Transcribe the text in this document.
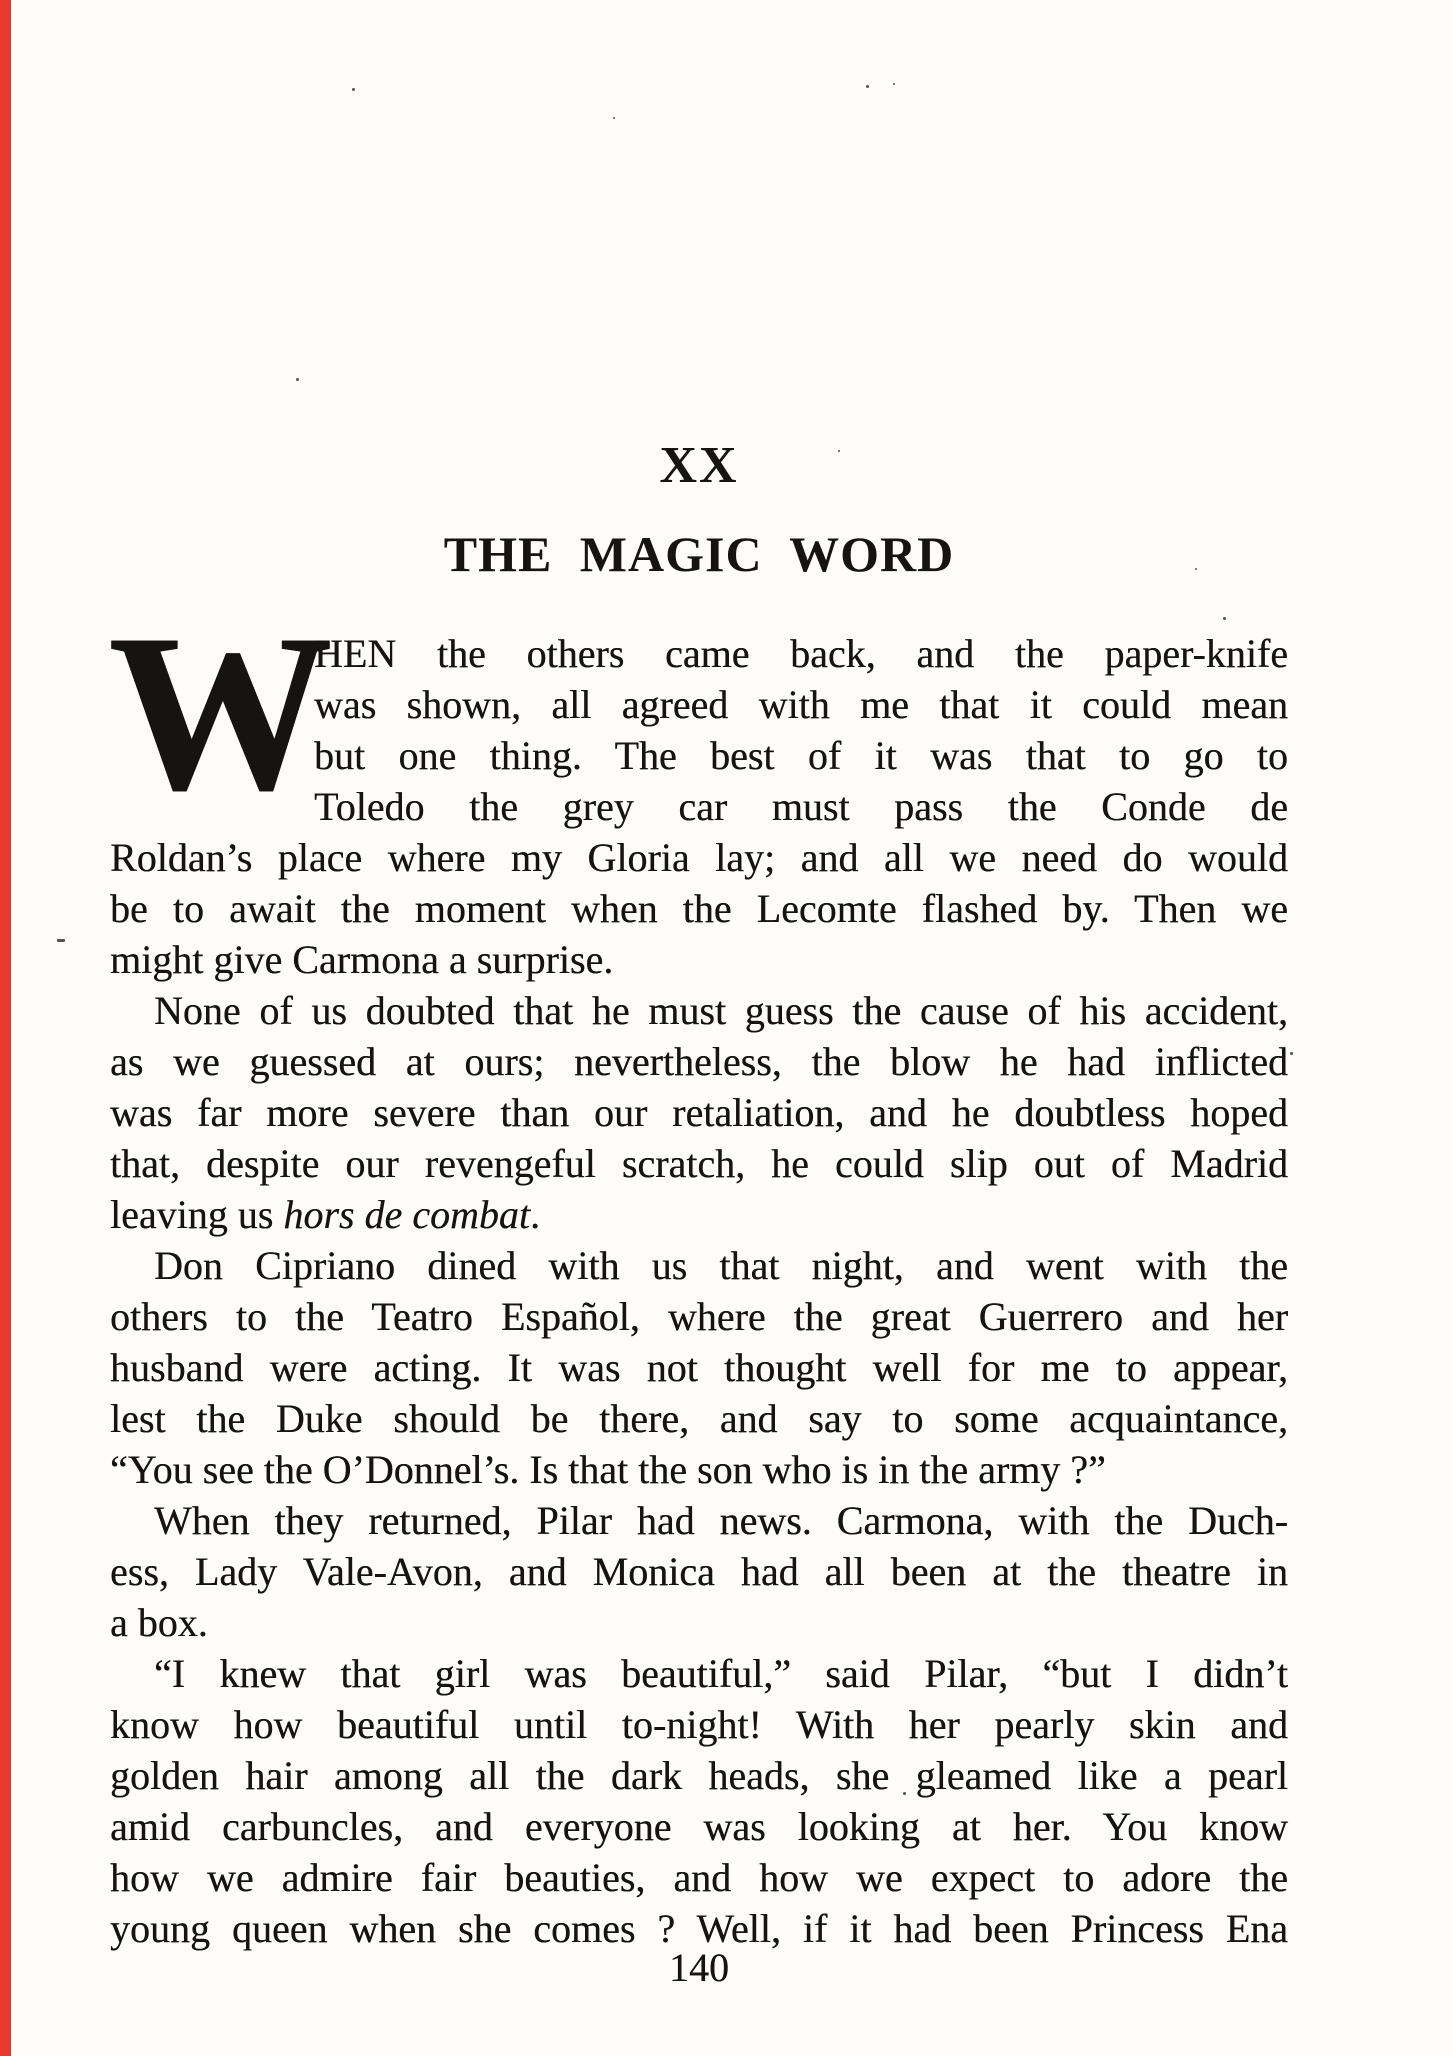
XX
THE MAGIC WORD
W
HEN the others came back, and the paper-knife
was shown, all agreed with me that it could mean
but one thing. The best of it was that to go to
Toledo the grey car must pass the Conde de
Roldan’s place where my Gloria lay; and all we need do would
be to await the moment when the Lecomte flashed by. Then we
might give Carmona a surprise.
None of us doubted that he must guess the cause of his accident,
as we guessed at ours; nevertheless, the blow he had inflicted
was far more severe than our retaliation, and he doubtless hoped
that, despite our revengeful scratch, he could slip out of Madrid
leaving us hors de combat.
Don Cipriano dined with us that night, and went with the
others to the Teatro Español, where the great Guerrero and her
husband were acting. It was not thought well for me to appear,
lest the Duke should be there, and say to some acquaintance,
“You see the O’Donnel’s. Is that the son who is in the army ?”
When they returned, Pilar had news. Carmona, with the Duch-
ess, Lady Vale-Avon, and Monica had all been at the theatre in
a box.
“I knew that girl was beautiful,” said Pilar, “but I didn’t
know how beautiful until to-night! With her pearly skin and
golden hair among all the dark heads, she gleamed like a pearl
amid carbuncles, and everyone was looking at her. You know
how we admire fair beauties, and how we expect to adore the
young queen when she comes ? Well, if it had been Princess Ena
140
